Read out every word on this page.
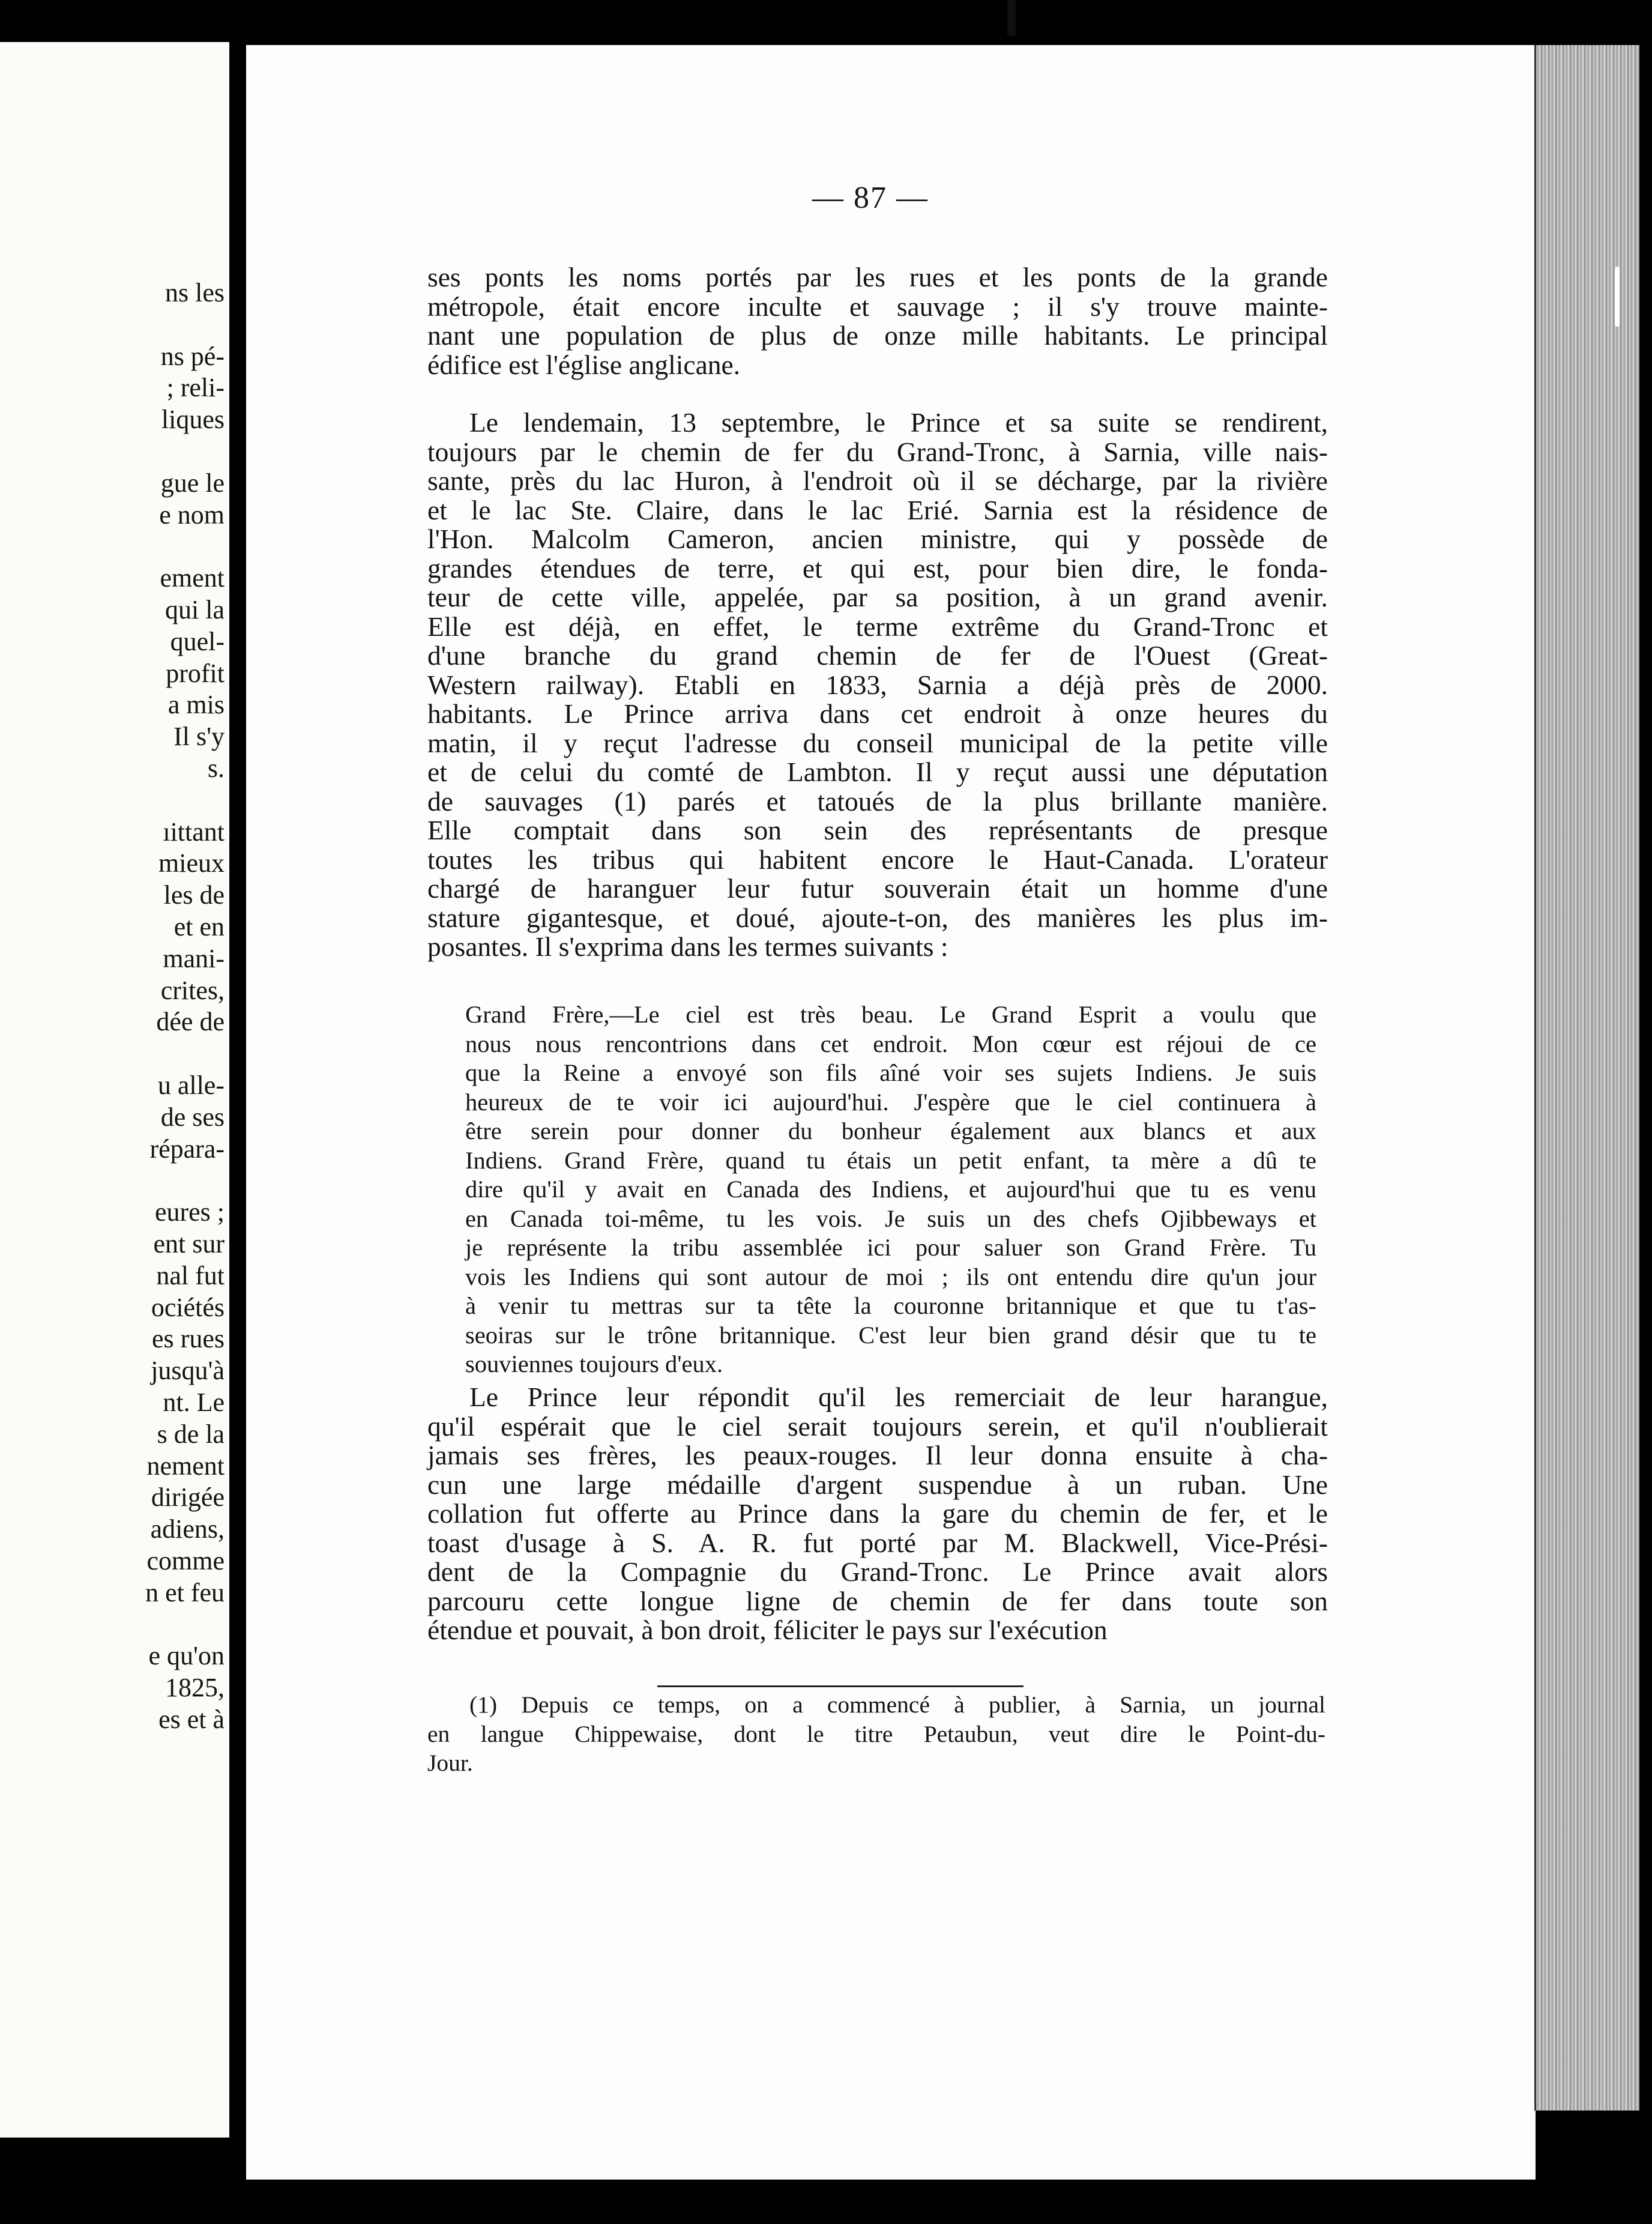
ns les
ns pé-
; reli-
liques
gue le
e nom
ement
qui la
quel-
profit
a mis
Il s'y
s.
ıittant
mieux
les de
et en
mani-
crites,
dée de
u alle-
de ses
répara-
eures ;
ent sur
nal fut
ociétés
es rues
jusqu'à
nt. Le
s de la
nement
dirigée
adiens,
comme
n et feu
e qu'on
1825,
es et à
— 87 —
ses ponts les noms portés par les rues et les ponts de la grande
métropole, était encore inculte et sauvage ; il s'y trouve mainte-
nant une population de plus de onze mille habitants. Le principal
édifice est l'église anglicane.
Le lendemain, 13 septembre, le Prince et sa suite se rendirent,
toujours par le chemin de fer du Grand-Tronc, à Sarnia, ville nais-
sante, près du lac Huron, à l'endroit où il se décharge, par la rivière
et le lac Ste. Claire, dans le lac Erié. Sarnia est la résidence de
l'Hon. Malcolm Cameron, ancien ministre, qui y possède de
grandes étendues de terre, et qui est, pour bien dire, le fonda-
teur de cette ville, appelée, par sa position, à un grand avenir.
Elle est déjà, en effet, le terme extrême du Grand-Tronc et
d'une branche du grand chemin de fer de l'Ouest (Great-
Western railway). Etabli en 1833, Sarnia a déjà près de 2000.
habitants. Le Prince arriva dans cet endroit à onze heures du
matin, il y reçut l'adresse du conseil municipal de la petite ville
et de celui du comté de Lambton. Il y reçut aussi une députation
de sauvages (1) parés et tatoués de la plus brillante manière.
Elle comptait dans son sein des représentants de presque
toutes les tribus qui habitent encore le Haut-Canada. L'orateur
chargé de haranguer leur futur souverain était un homme d'une
stature gigantesque, et doué, ajoute-t-on, des manières les plus im-
posantes. Il s'exprima dans les termes suivants :
Grand Frère,—Le ciel est très beau. Le Grand Esprit a voulu que
nous nous rencontrions dans cet endroit. Mon cœur est réjoui de ce
que la Reine a envoyé son fils aîné voir ses sujets Indiens. Je suis
heureux de te voir ici aujourd'hui. J'espère que le ciel continuera à
être serein pour donner du bonheur également aux blancs et aux
Indiens. Grand Frère, quand tu étais un petit enfant, ta mère a dû te
dire qu'il y avait en Canada des Indiens, et aujourd'hui que tu es venu
en Canada toi-même, tu les vois. Je suis un des chefs Ojibbeways et
je représente la tribu assemblée ici pour saluer son Grand Frère. Tu
vois les Indiens qui sont autour de moi ; ils ont entendu dire qu'un jour
à venir tu mettras sur ta tête la couronne britannique et que tu t'as-
seoiras sur le trône britannique. C'est leur bien grand désir que tu te
souviennes toujours d'eux.
Le Prince leur répondit qu'il les remerciait de leur harangue,
qu'il espérait que le ciel serait toujours serein, et qu'il n'oublierait
jamais ses frères, les peaux-rouges. Il leur donna ensuite à cha-
cun une large médaille d'argent suspendue à un ruban. Une
collation fut offerte au Prince dans la gare du chemin de fer, et le
toast d'usage à S. A. R. fut porté par M. Blackwell, Vice-Prési-
dent de la Compagnie du Grand-Tronc. Le Prince avait alors
parcouru cette longue ligne de chemin de fer dans toute son
étendue et pouvait, à bon droit, féliciter le pays sur l'exécution
(1) Depuis ce temps, on a commencé à publier, à Sarnia, un journal
en langue Chippewaise, dont le titre Petaubun, veut dire le Point-du-
Jour.
